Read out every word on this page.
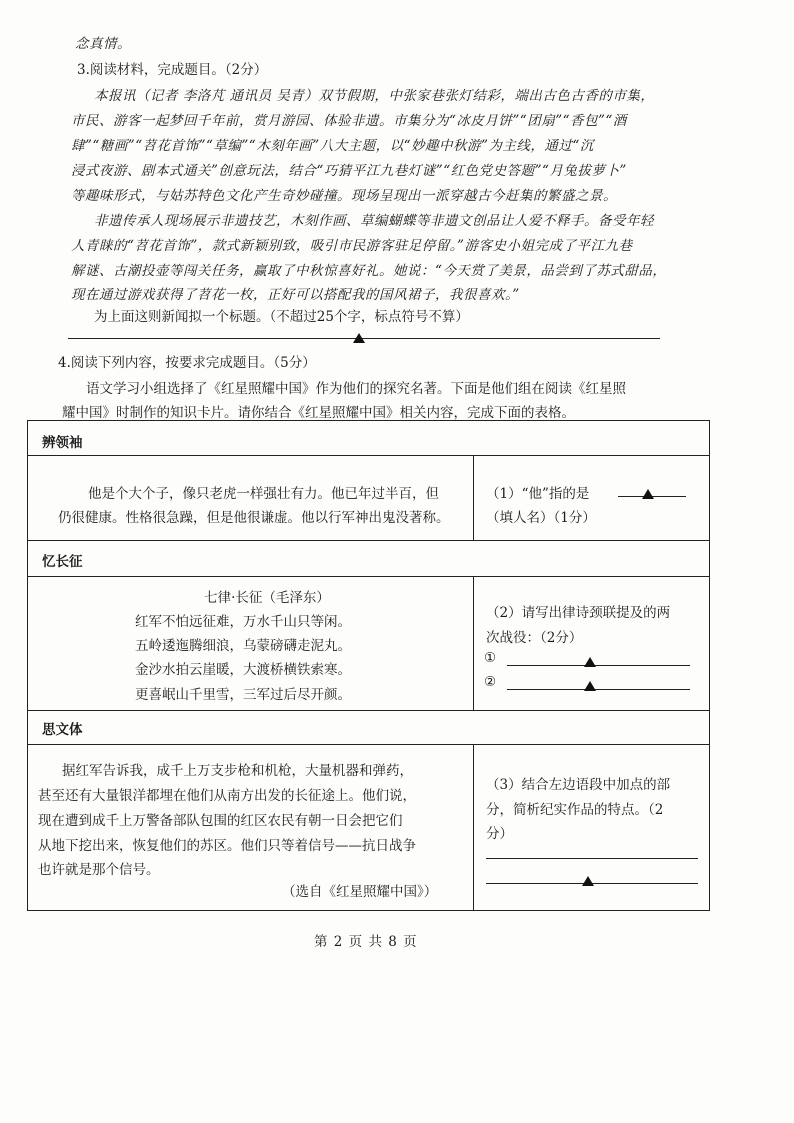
念真情。
3.阅读材料，完成题目。（2分）
本报讯（记者 李洛芃 通讯员 吴青）双节假期，中张家巷张灯结彩，端出古色古香的市集，
市民、游客一起梦回千年前，赏月游园、体验非遗。市集分为“冰皮月饼”“团扇”“香包”“酒
肆”“糖画”“苕花首饰”“草编”“木刻年画”八大主题，以“妙趣中秋游”为主线，通过“沉
浸式夜游、剧本式通关”创意玩法，结合“巧猜平江九巷灯谜”“红色党史答题”“月兔拔萝卜”
等趣味形式，与姑苏特色文化产生奇妙碰撞。现场呈现出一派穿越古今赶集的繁盛之景。
非遗传承人现场展示非遗技艺，木刻作画、草编蝴蝶等非遗文创品让人爱不释手。备受年轻
人青睐的“苕花首饰”，款式新颖别致，吸引市民游客驻足停留。”游客史小姐完成了平江九巷
解谜、古潮投壶等闯关任务，赢取了中秋惊喜好礼。她说：“今天赏了美景，品尝到了苏式甜品，
现在通过游戏获得了苕花一枚，正好可以搭配我的国风裙子，我很喜欢。”
为上面这则新闻拟一个标题。（不超过25个字，标点符号不算）
4.阅读下列内容，按要求完成题目。（5分）
语文学习小组选择了《红星照耀中国》作为他们的探究名著。下面是他们组在阅读《红星照
耀中国》时制作的知识卡片。请你结合《红星照耀中国》相关内容，完成下面的表格。
辨领袖
他是个大个子，像只老虎一样强壮有力。他已年过半百，但
仍很健康。性格很急躁，但是他很谦虚。他以行军神出鬼没著称。
（1）“他”指的是
（填人名）（1分）
忆长征
七律·长征（毛泽东）
红军不怕远征难，万水千山只等闲。
五岭逶迤腾细浪，乌蒙磅礴走泥丸。
金沙水拍云崖暖，大渡桥横铁索寒。
更喜岷山千里雪，三军过后尽开颜。
（2）请写出律诗颈联提及的两
次战役：（2分）
①
②
思文体
据红军告诉我，成千上万支步枪和机枪，大量机器和弹药，
甚至还有大量银洋都埋在他们从南方出发的长征途上。他们说，
现在遭到成千上万警备部队包围的红区农民有朝一日会把它们
从地下挖出来，恢复他们的苏区。他们只等着信号——抗日战争
也许就是那个信号。
（选自《红星照耀中国》）
（3）结合左边语段中加点的部
分，简析纪实作品的特点。（2
分）
第 2 页 共 8 页
